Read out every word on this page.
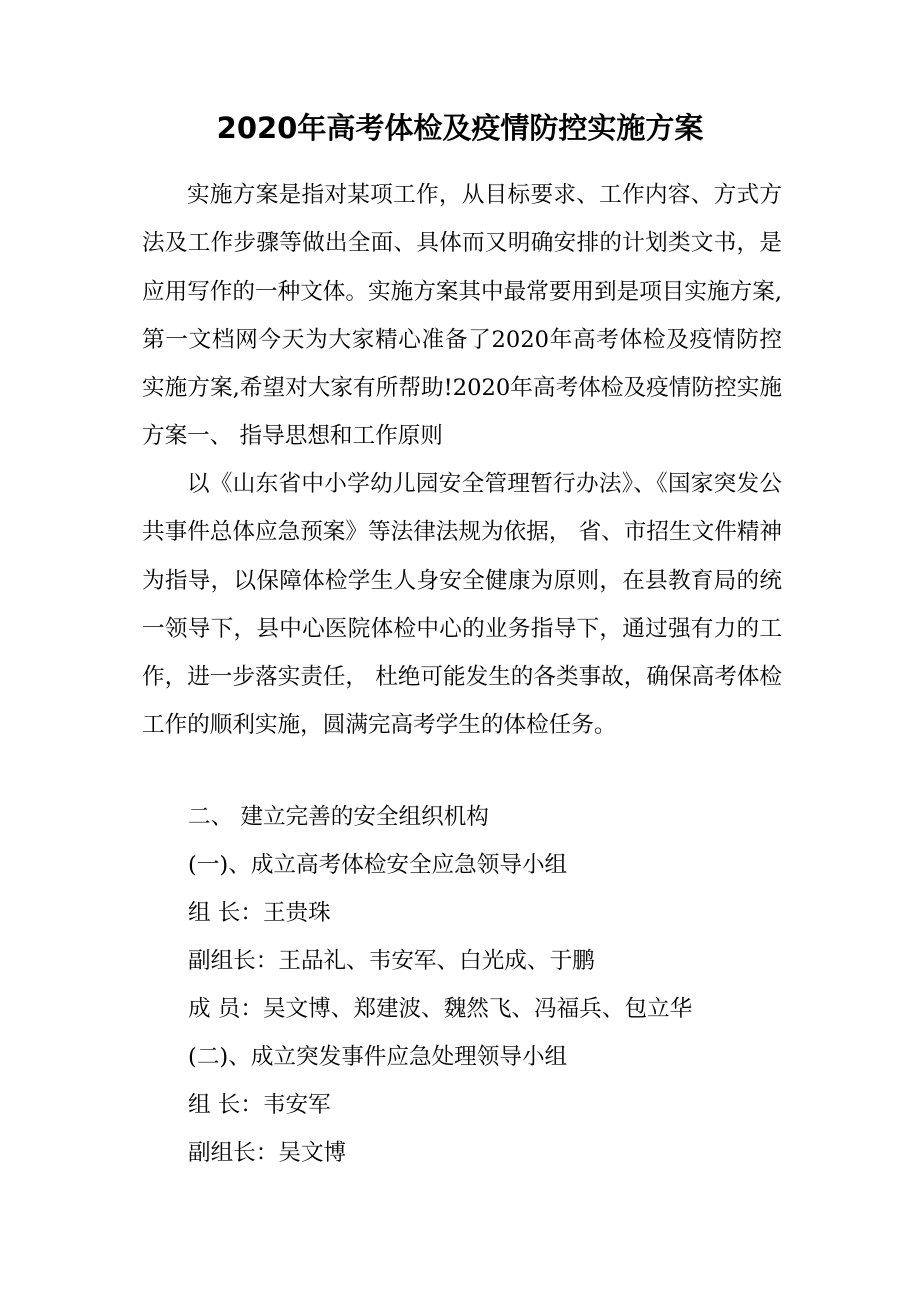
2020年高考体检及疫情防控实施方案

实施方案是指对某项工作，从目标要求、工作内容、方式方法及工作步骤等做出全面、具体而又明确安排的计划类文书，是应用写作的一种文体。实施方案其中最常要用到是项目实施方案,第一文档网今天为大家精心准备了2020年高考体检及疫情防控实施方案,希望对大家有所帮助!2020年高考体检及疫情防控实施方案一、 指导思想和工作原则

以《山东省中小学幼儿园安全管理暂行办法》、《国家突发公共事件总体应急预案》等法律法规为依据， 省、市招生文件精神为指导，以保障体检学生人身安全健康为原则，在县教育局的统一领导下，县中心医院体检中心的业务指导下，通过强有力的工作，进一步落实责任， 杜绝可能发生的各类事故，确保高考体检工作的顺利实施，圆满完高考学生的体检任务。

二、 建立完善的安全组织机构

(一)、成立高考体检安全应急领导小组

组 长：王贵珠

副组长：王品礼、韦安军、白光成、于鹏

成 员：吴文博、郑建波、魏然飞、冯福兵、包立华

(二)、成立突发事件应急处理领导小组

组 长：韦安军

副组长：吴文博
